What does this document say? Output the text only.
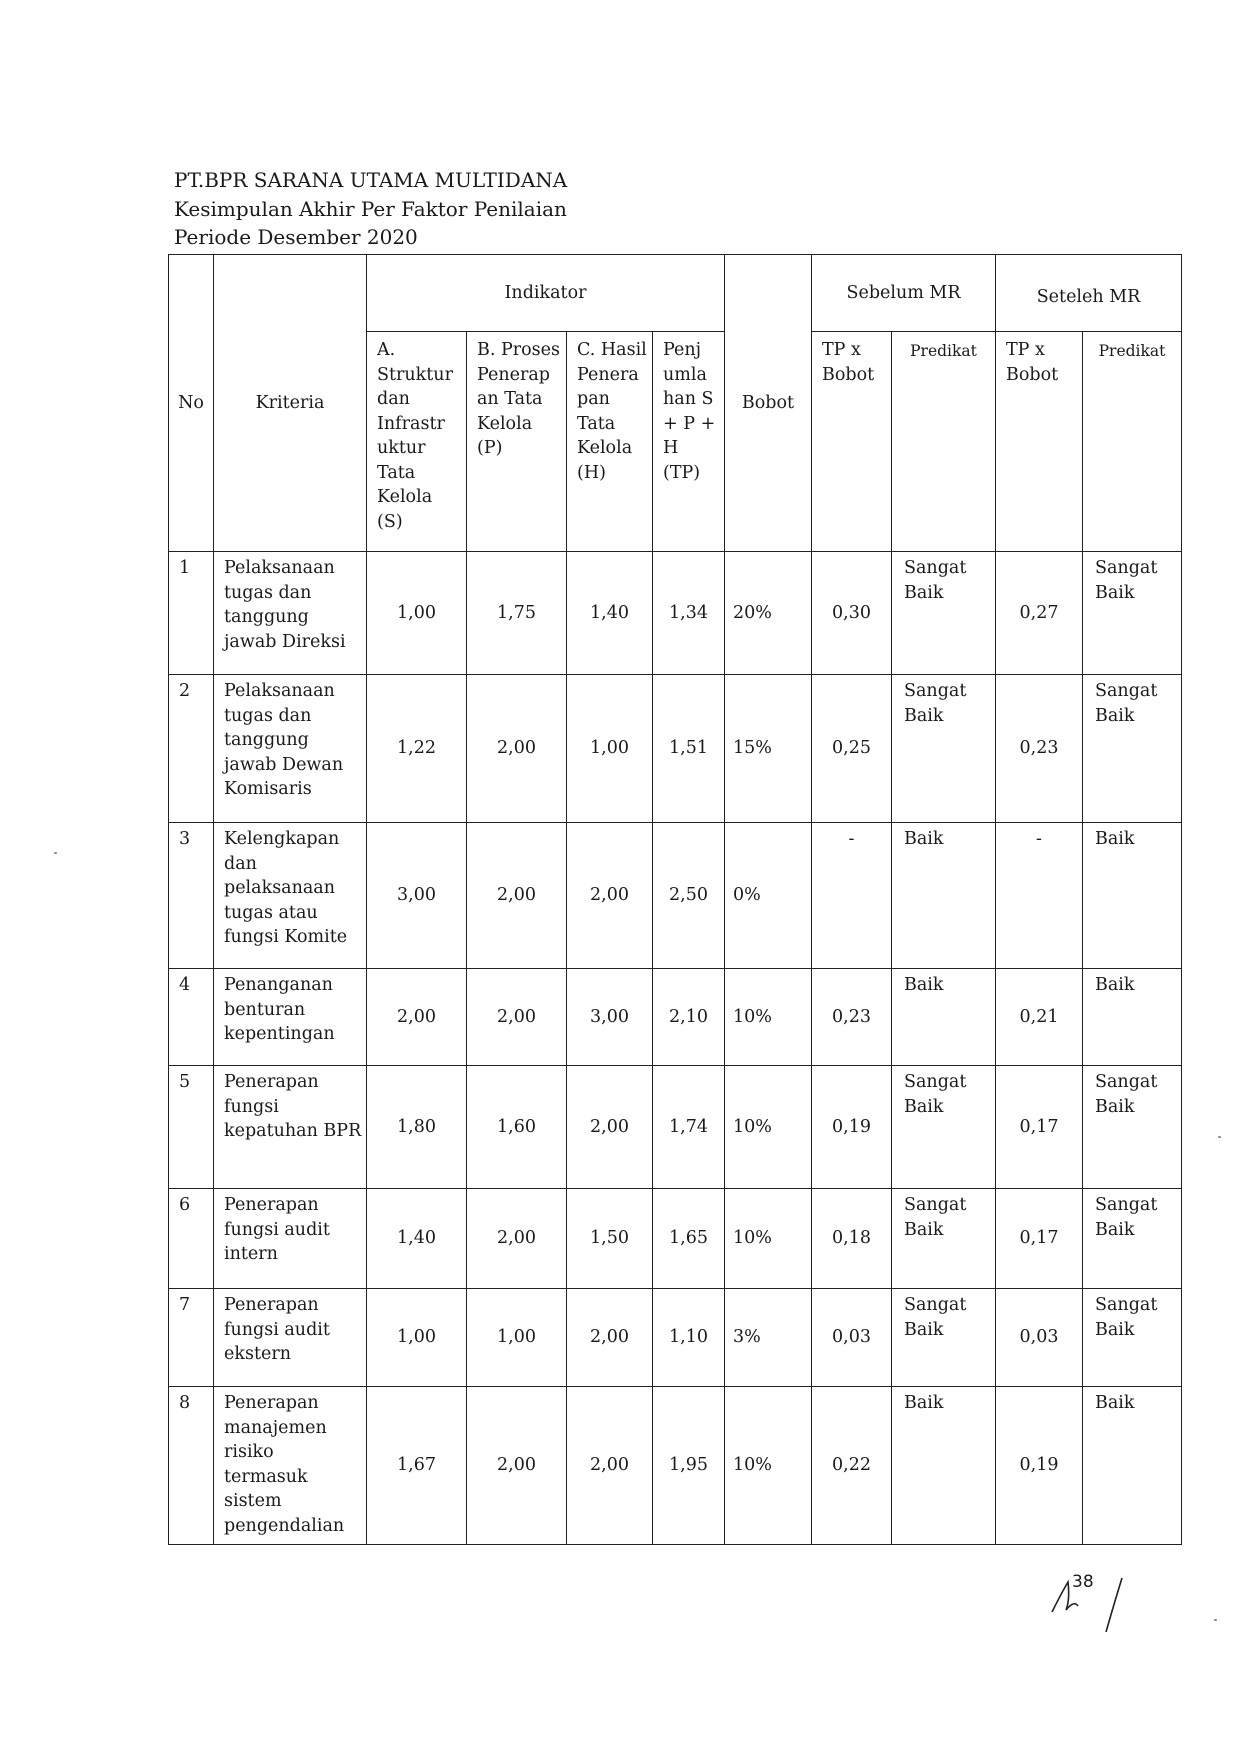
PT.BPR SARANA UTAMA MULTIDANA
Kesimpulan Akhir Per Faktor Penilaian
Periode Desember 2020
No	Kriteria	Indikator				Bobot	Sebelum MR		Seteleh MR	

		A. Struktur dan Infrastr uktur Tata Kelola (S)	B. Proses Penerap an Tata Kelola (P)	C. Hasil Penera pan Tata Kelola (H)	Penj umla han S + P + H (TP)		TP x Bobot	Predikat	TP x Bobot	Predikat
1	Pelaksanaan tugas dan tanggung jawab Direksi	1,00	1,75	1,40	1,34	20%	0,30	Sangat Baik	0,27	Sangat Baik
2	Pelaksanaan tugas dan tanggung jawab Dewan Komisaris	1,22	2,00	1,00	1,51	15%	0,25	Sangat Baik	0,23	Sangat Baik
3	Kelengkapan dan pelaksanaan tugas atau fungsi Komite	3,00	2,00	2,00	2,50	0%	-	Baik	-	Baik
4	Penanganan benturan kepentingan	2,00	2,00	3,00	2,10	10%	0,23	Baik	0,21	Baik
5	Penerapan fungsi kepatuhan BPR	1,80	1,60	2,00	1,74	10%	0,19	Sangat Baik	0,17	Sangat Baik
6	Penerapan fungsi audit intern	1,40	2,00	1,50	1,65	10%	0,18	Sangat Baik	0,17	Sangat Baik
7	Penerapan fungsi audit ekstern	1,00	1,00	2,00	1,10	3%	0,03	Sangat Baik	0,03	Sangat Baik
8	Penerapan manajemen risiko termasuk sistem pengendalian	1,67	2,00	2,00	1,95	10%	0,22	Baik	0,19	Baik
38
